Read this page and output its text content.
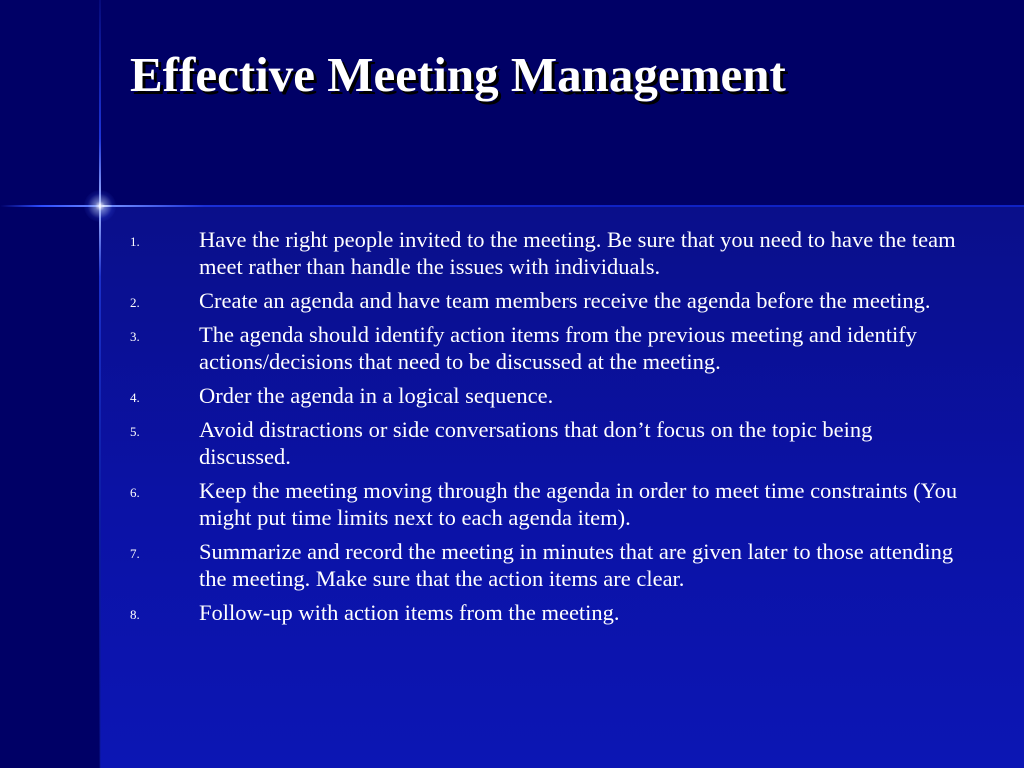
Effective Meeting Management
1.	Have the right people invited to the meeting. Be sure that you need to have the team meet rather than handle the issues with individuals.
2.	Create an agenda and have team members receive the agenda before the meeting.
3.	The agenda should identify action items from the previous meeting and identify actions/decisions that need to be discussed at the meeting.
4.	Order the agenda in a logical sequence.
5.	Avoid distractions or side conversations that don’t focus on the topic being discussed.
6.	Keep the meeting moving through the agenda in order to meet time constraints (You might put time limits next to each agenda item).
7.	Summarize and record the meeting in minutes that are given later to those attending the meeting. Make sure that the action items are clear.
8.	Follow-up with action items from the meeting.
